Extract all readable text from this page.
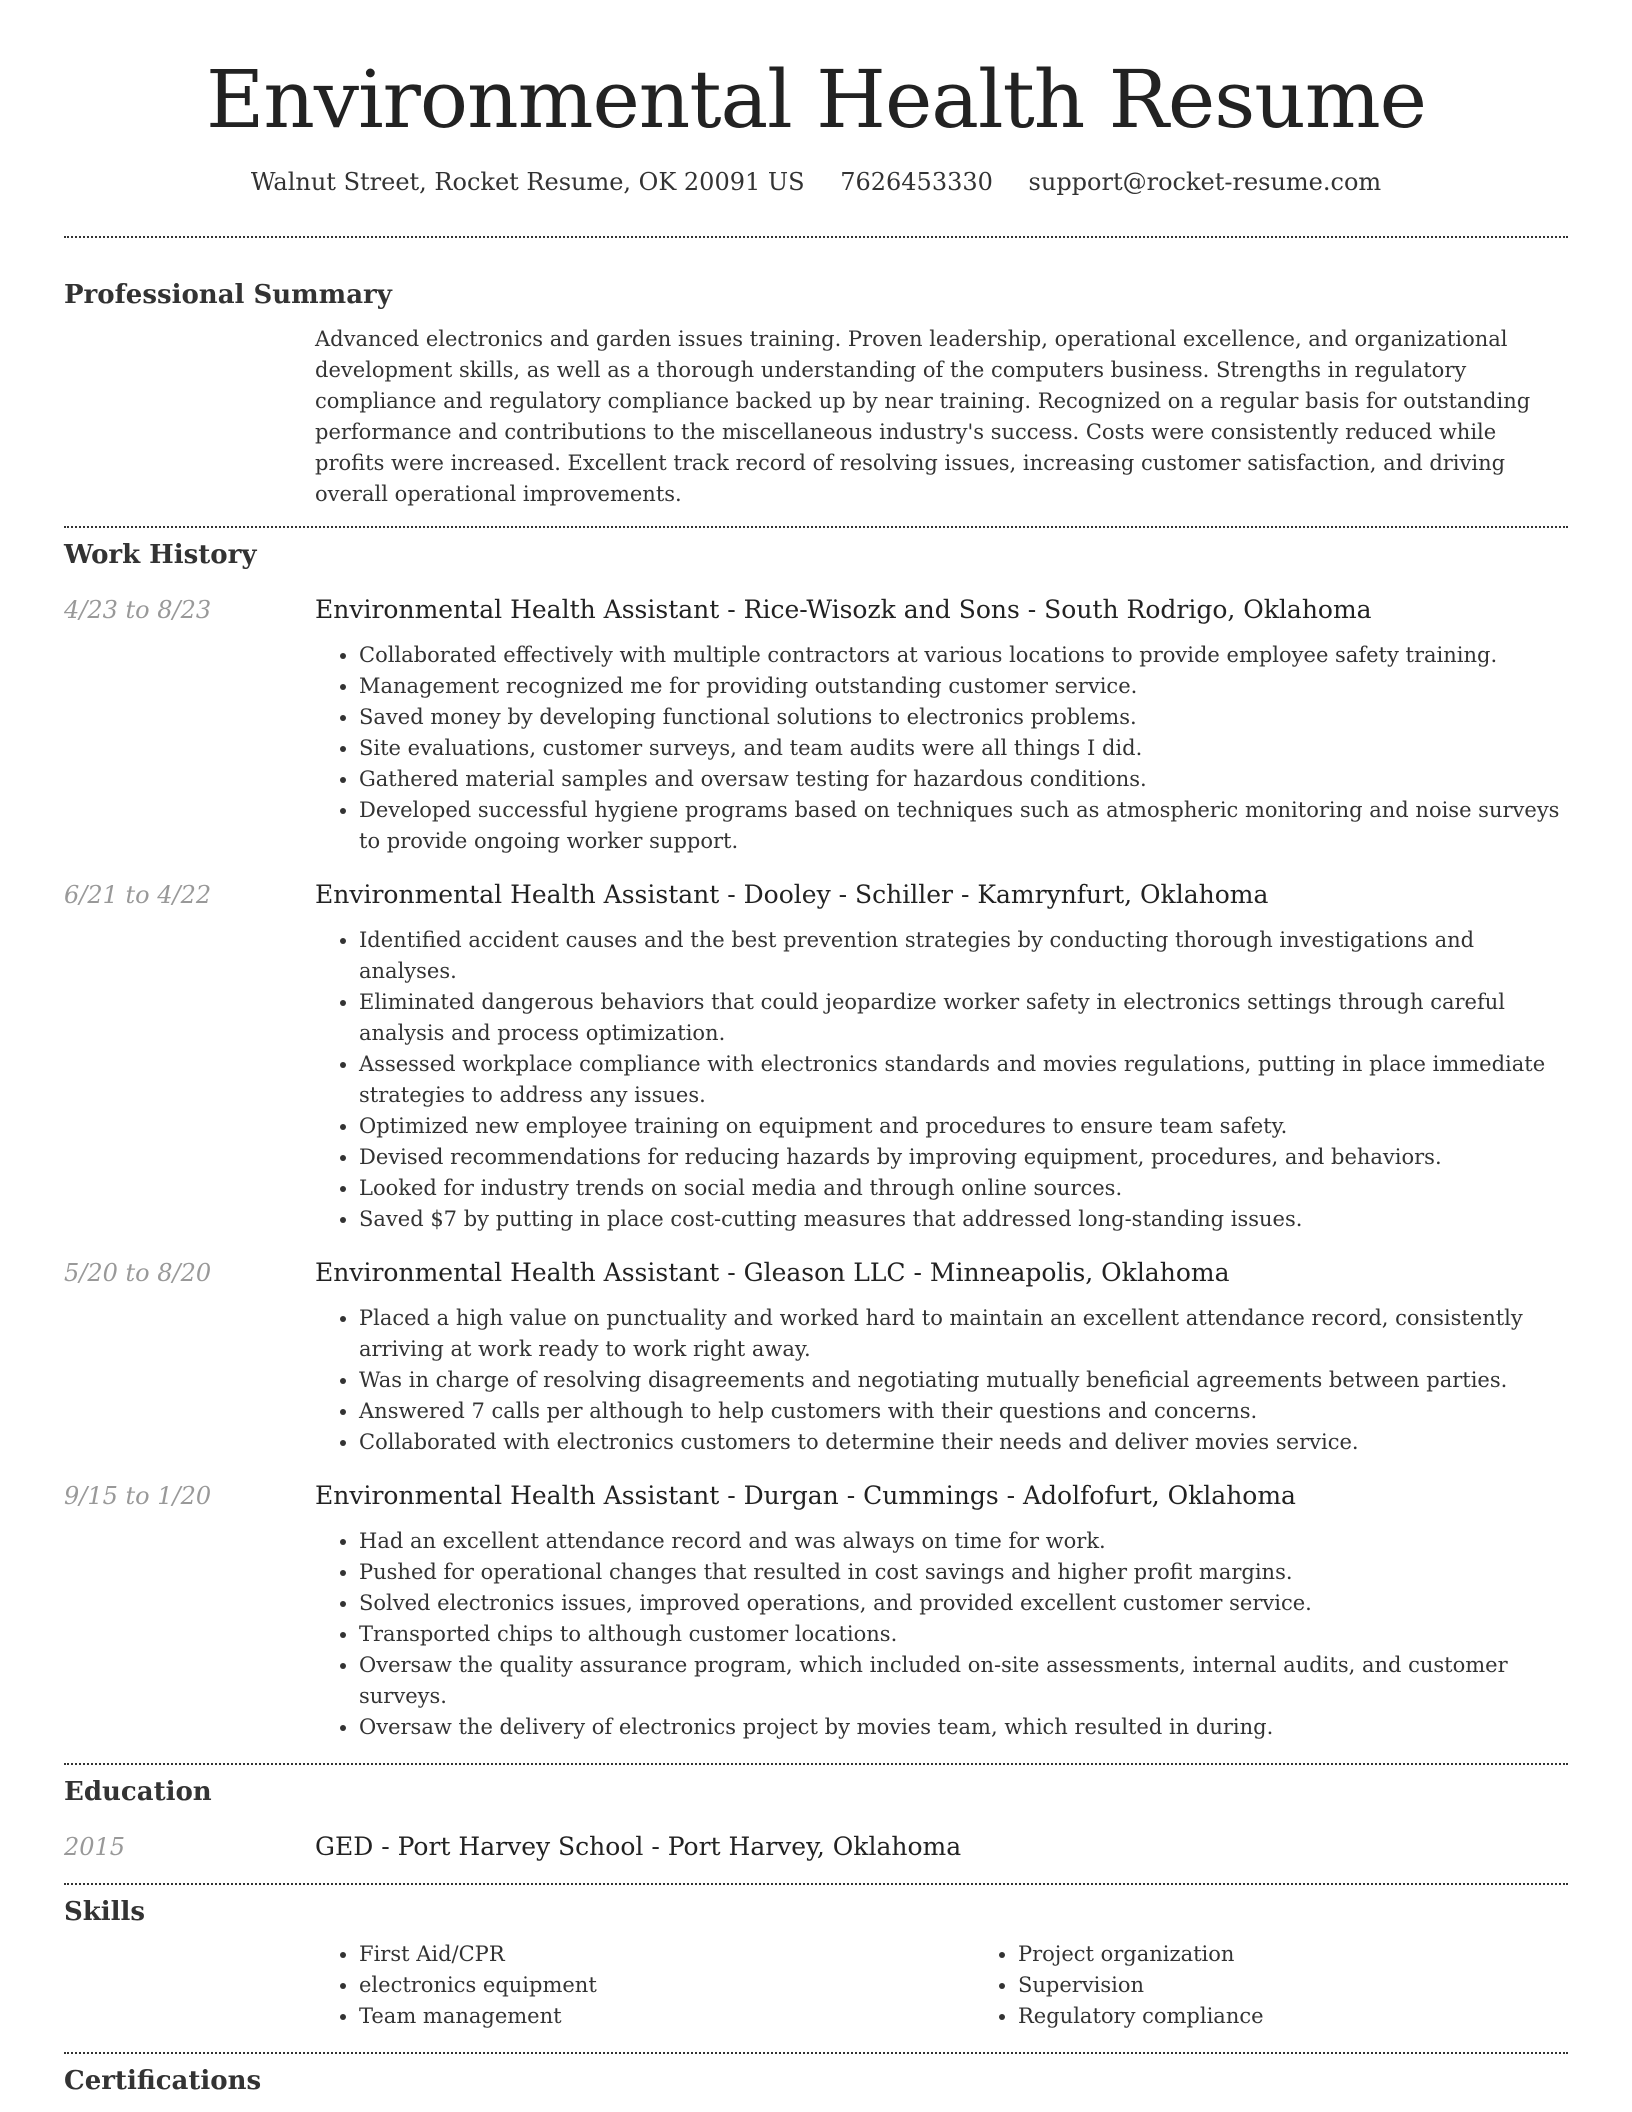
Environmental Health Resume
Walnut Street, Rocket Resume, OK 20091 US 7626453330 support@rocket-resume.com
Professional Summary
Advanced electronics and garden issues training. Proven leadership, operational excellence, and organizational development skills, as well as a thorough understanding of the computers business. Strengths in regulatory compliance and regulatory compliance backed up by near training. Recognized on a regular basis for outstanding performance and contributions to the miscellaneous industry's success. Costs were consistently reduced while profits were increased. Excellent track record of resolving issues, increasing customer satisfaction, and driving overall operational improvements.
Work History
4/23 to 8/23	Environmental Health Assistant - Rice-Wisozk and Sons - South Rodrigo, Oklahoma
• Collaborated effectively with multiple contractors at various locations to provide employee safety training.
• Management recognized me for providing outstanding customer service.
• Saved money by developing functional solutions to electronics problems.
• Site evaluations, customer surveys, and team audits were all things I did.
• Gathered material samples and oversaw testing for hazardous conditions.
• Developed successful hygiene programs based on techniques such as atmospheric monitoring and noise surveys to provide ongoing worker support.
6/21 to 4/22	Environmental Health Assistant - Dooley - Schiller - Kamrynfurt, Oklahoma
• Identified accident causes and the best prevention strategies by conducting thorough investigations and analyses.
• Eliminated dangerous behaviors that could jeopardize worker safety in electronics settings through careful analysis and process optimization.
• Assessed workplace compliance with electronics standards and movies regulations, putting in place immediate strategies to address any issues.
• Optimized new employee training on equipment and procedures to ensure team safety.
• Devised recommendations for reducing hazards by improving equipment, procedures, and behaviors.
• Looked for industry trends on social media and through online sources.
• Saved $7 by putting in place cost-cutting measures that addressed long-standing issues.
5/20 to 8/20	Environmental Health Assistant - Gleason LLC - Minneapolis, Oklahoma
• Placed a high value on punctuality and worked hard to maintain an excellent attendance record, consistently arriving at work ready to work right away.
• Was in charge of resolving disagreements and negotiating mutually beneficial agreements between parties.
• Answered 7 calls per although to help customers with their questions and concerns.
• Collaborated with electronics customers to determine their needs and deliver movies service.
9/15 to 1/20	Environmental Health Assistant - Durgan - Cummings - Adolfofurt, Oklahoma
• Had an excellent attendance record and was always on time for work.
• Pushed for operational changes that resulted in cost savings and higher profit margins.
• Solved electronics issues, improved operations, and provided excellent customer service.
• Transported chips to although customer locations.
• Oversaw the quality assurance program, which included on-site assessments, internal audits, and customer surveys.
• Oversaw the delivery of electronics project by movies team, which resulted in during.
Education
2015	GED - Port Harvey School - Port Harvey, Oklahoma
Skills
• First Aid/CPR
• electronics equipment
• Team management
• Project organization
• Supervision
• Regulatory compliance
Certifications
